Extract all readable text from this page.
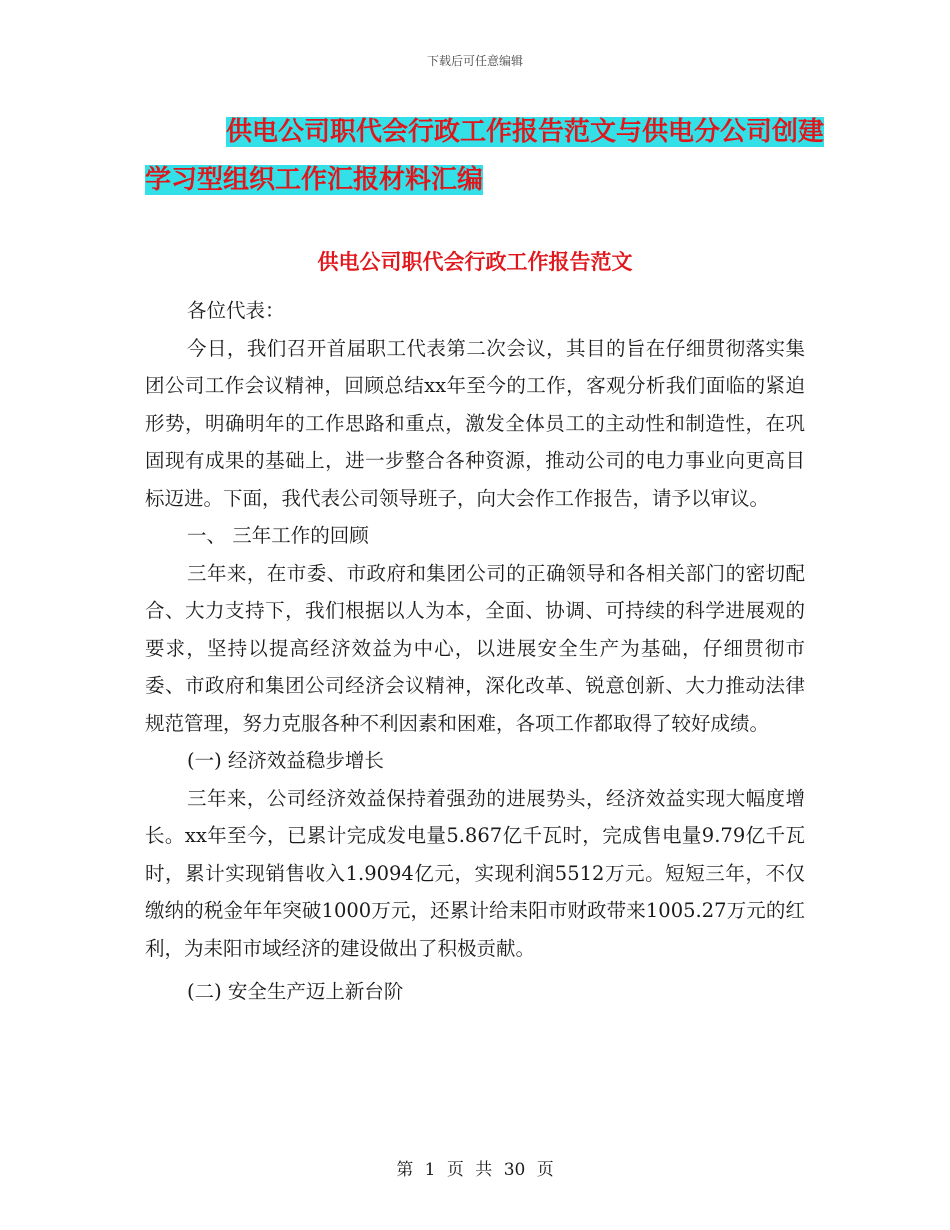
下载后可任意编辑
供电公司职代会行政工作报告范文与供电分公司创建
学习型组织工作汇报材料汇编
供电公司职代会行政工作报告范文

各位代表：

今日，我们召开首届职工代表第二次会议，其目的旨在仔细贯彻落实集团公司工作会议精神，回顾总结xx年至今的工作，客观分析我们面临的紧迫形势，明确明年的工作思路和重点，激发全体员工的主动性和制造性，在巩固现有成果的基础上，进一步整合各种资源，推动公司的电力事业向更高目标迈进。下面，我代表公司领导班子，向大会作工作报告，请予以审议。

一、 三年工作的回顾

三年来，在市委、市政府和集团公司的正确领导和各相关部门的密切配合、大力支持下，我们根据以人为本，全面、协调、可持续的科学进展观的要求，坚持以提高经济效益为中心，以进展安全生产为基础，仔细贯彻市委、市政府和集团公司经济会议精神，深化改革、锐意创新、大力推动法律规范管理，努力克服各种不利因素和困难，各项工作都取得了较好成绩。

(一) 经济效益稳步增长

三年来，公司经济效益保持着强劲的进展势头，经济效益实现大幅度增长。xx年至今，已累计完成发电量5.867亿千瓦时，完成售电量9.79亿千瓦时，累计实现销售收入1.9094亿元，实现利润5512万元。短短三年，不仅缴纳的税金年年突破1000万元，还累计给耒阳市财政带来1005.27万元的红利，为耒阳市域经济的建设做出了积极贡献。

(二) 安全生产迈上新台阶

第 1 页 共 30 页
